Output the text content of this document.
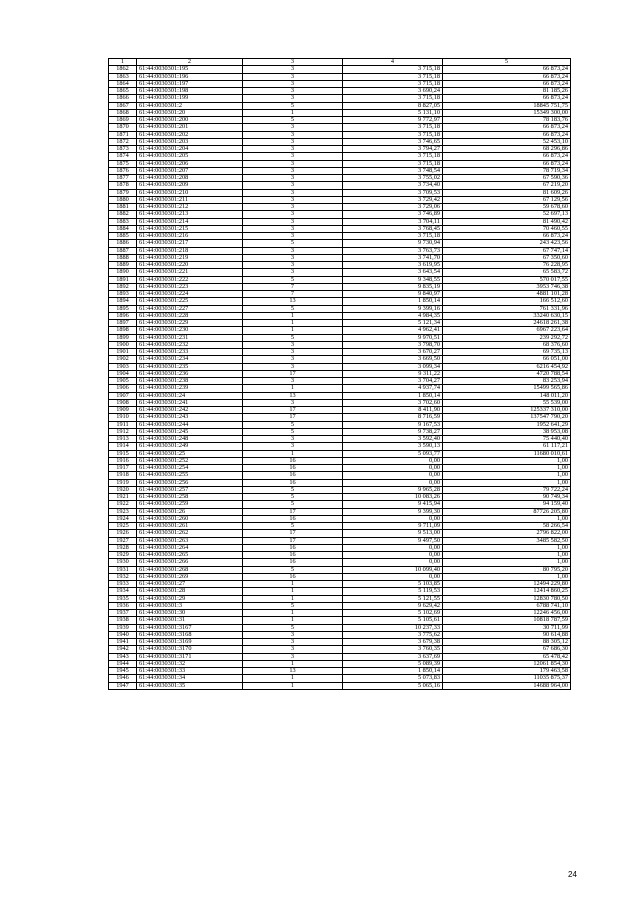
1	2	3	4	5
1862	61:44:0030301:195	3	3 715,18	66 873,24
1863	61:44:0030301:196	3	3 715,18	66 873,24
1864	61:44:0030301:197	3	3 715,18	66 873,24
1865	61:44:0030301:198	3	3 690,24	81 185,26
1866	61:44:0030301:199	3	3 715,18	66 873,24
1867	61:44:0030301:2	5	8 827,05	18845 751,75
1868	61:44:0030301:20	1	5 131,10	15349 300,00
1869	61:44:0030301:200	5	9 772,97	78 183,76
1870	61:44:0030301:201	3	3 715,18	66 873,24
1871	61:44:0030301:202	3	3 715,18	66 873,24
1872	61:44:0030301:203	3	3 746,65	52 453,10
1873	61:44:0030301:204	3	3 794,27	68 296,86
1874	61:44:0030301:205	3	3 715,18	66 873,24
1875	61:44:0030301:206	3	3 715,18	66 873,24
1876	61:44:0030301:207	3	3 748,54	78 719,34
1877	61:44:0030301:208	3	3 755,02	67 590,36
1878	61:44:0030301:209	3	3 734,40	67 219,20
1879	61:44:0030301:210	3	3 709,53	81 609,26
1880	61:44:0030301:211	3	3 729,42	67 129,56
1881	61:44:0030301:212	3	3 729,06	59 678,60
1882	61:44:0030301:213	3	3 746,89	52 697,13
1883	61:44:0030301:214	3	3 704,11	81 490,42
1884	61:44:0030301:215	3	3 768,45	70 460,55
1885	61:44:0030301:216	3	3 715,18	66 873,24
1886	61:44:0030301:217	5	9 730,94	243 423,56
1887	61:44:0030301:218	3	3 763,73	67 747,14
1888	61:44:0030301:219	3	3 741,70	67 350,60
1889	61:44:0030301:220	3	3 619,95	76 228,95
1890	61:44:0030301:221	3	3 643,54	65 583,72
1891	61:44:0030301:222	5	9 348,55	570 017,55
1892	61:44:0030301:223	7	9 835,19	3953 746,38
1893	61:44:0030301:224	7	9 840,97	4881 101,28
1894	61:44:0030301:225	13	1 850,14	166 512,60
1895	61:44:0030301:227	5	9 399,16	761 331,96
1896	61:44:0030301:228	1	4 984,35	33240 630,15
1897	61:44:0030301:229	1	5 121,34	24618 261,38
1898	61:44:0030301:230	1	4 962,41	6967 223,64
1899	61:44:0030301:231	5	9 970,51	239 292,72
1900	61:44:0030301:232	3	3 798,70	68 376,60
1901	61:44:0030301:233	3	3 670,27	69 735,13
1902	61:44:0030301:234	3	3 669,50	66 051,00
1903	61:44:0030301:235	3	3 099,34	6216 454,92
1904	61:44:0030301:236	17	9 311,22	4720 788,54
1905	61:44:0030301:238	3	3 704,27	83 253,94
1906	61:44:0030301:239	1	4 937,74	15499 565,86
1907	61:44:0030301:24	13	1 850,14	148 011,20
1908	61:44:0030301:241	3	3 702,60	55 539,00
1909	61:44:0030301:242	17	8 411,90	125337 310,00
1910	61:44:0030301:243	17	8 716,59	137547 790,20
1911	61:44:0030301:244	5	9 167,53	1952 641,29
1912	61:44:0030301:245	5	9 738,27	38 953,08
1913	61:44:0030301:248	3	3 592,40	75 440,40
1914	61:44:0030301:249	3	3 590,13	61 117,21
1915	61:44:0030301:25	1	5 093,77	11680 010,61
1916	61:44:0030301:252	16	0,00	1,00
1917	61:44:0030301:254	16	0,00	1,00
1918	61:44:0030301:255	16	0,00	1,00
1919	61:44:0030301:256	16	0,00	1,00
1920	61:44:0030301:257	5	9 965,28	79 722,24
1921	61:44:0030301:258	5	10 083,26	90 749,34
1922	61:44:0030301:259	5	9 415,94	94 159,40
1923	61:44:0030301:26	17	9 399,30	87726 205,80
1924	61:44:0030301:260	16	0,00	1,00
1925	61:44:0030301:261	5	9 711,09	58 266,54
1926	61:44:0030301:262	17	9 513,00	2796 822,00
1927	61:44:0030301:263	17	9 497,50	3485 582,50
1928	61:44:0030301:264	16	0,00	1,00
1929	61:44:0030301:265	16	0,00	1,00
1930	61:44:0030301:266	16	0,00	1,00
1931	61:44:0030301:268	5	10 099,40	80 795,20
1932	61:44:0030301:269	16	0,00	1,00
1933	61:44:0030301:27	1	5 103,85	12494 229,80
1934	61:44:0030301:28	1	5 119,53	12414 860,25
1935	61:44:0030301:29	1	5 121,55	12830 780,50
1936	61:44:0030301:3	5	9 629,42	6788 741,10
1937	61:44:0030301:30	1	5 102,69	12246 456,00
1938	61:44:0030301:31	1	5 105,61	10818 787,59
1939	61:44:0030301:3167	5	10 237,33	30 711,99
1940	61:44:0030301:3168	3	3 775,62	90 614,88
1941	61:44:0030301:3169	3	3 679,38	88 305,12
1942	61:44:0030301:3170	3	3 760,35	67 686,30
1943	61:44:0030301:3171	3	3 637,69	65 478,42
1944	61:44:0030301:32	1	5 089,39	12061 854,30
1945	61:44:0030301:33	13	1 850,14	179 463,58
1946	61:44:0030301:34	1	5 073,83	11035 875,37
1947	61:44:0030301:35	1	5 065,16	14688 964,00
24
